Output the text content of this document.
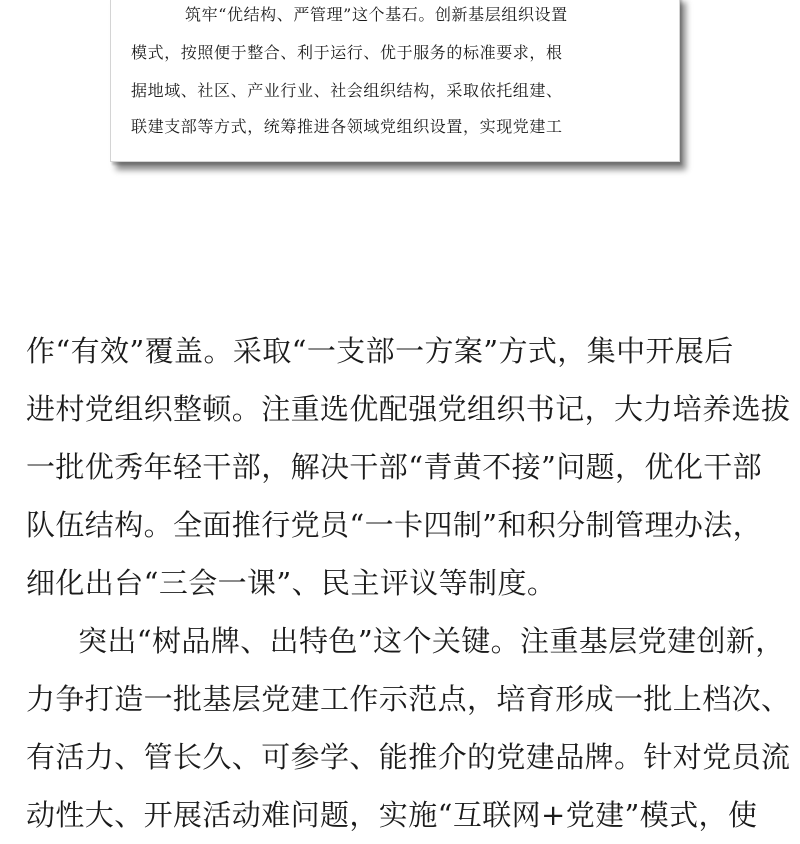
筑牢“优结构、严管理”这个基石。创新基层组织设置
模式，按照便于整合、利于运行、优于服务的标准要求，根
据地域、社区、产业行业、社会组织结构，采取依托组建、
联建支部等方式，统筹推进各领域党组织设置，实现党建工
作“有效”覆盖。采取“一支部一方案”方式，集中开展后
进村党组织整顿。注重选优配强党组织书记，大力培养选拔
一批优秀年轻干部，解决干部“青黄不接”问题，优化干部
队伍结构。全面推行党员“一卡四制”和积分制管理办法，
细化出台“三会一课”、民主评议等制度。
突出“树品牌、出特色”这个关键。注重基层党建创新，
力争打造一批基层党建工作示范点，培育形成一批上档次、
有活力、管长久、可参学、能推介的党建品牌。针对党员流
动性大、开展活动难问题，实施“互联网+党建”模式，使
